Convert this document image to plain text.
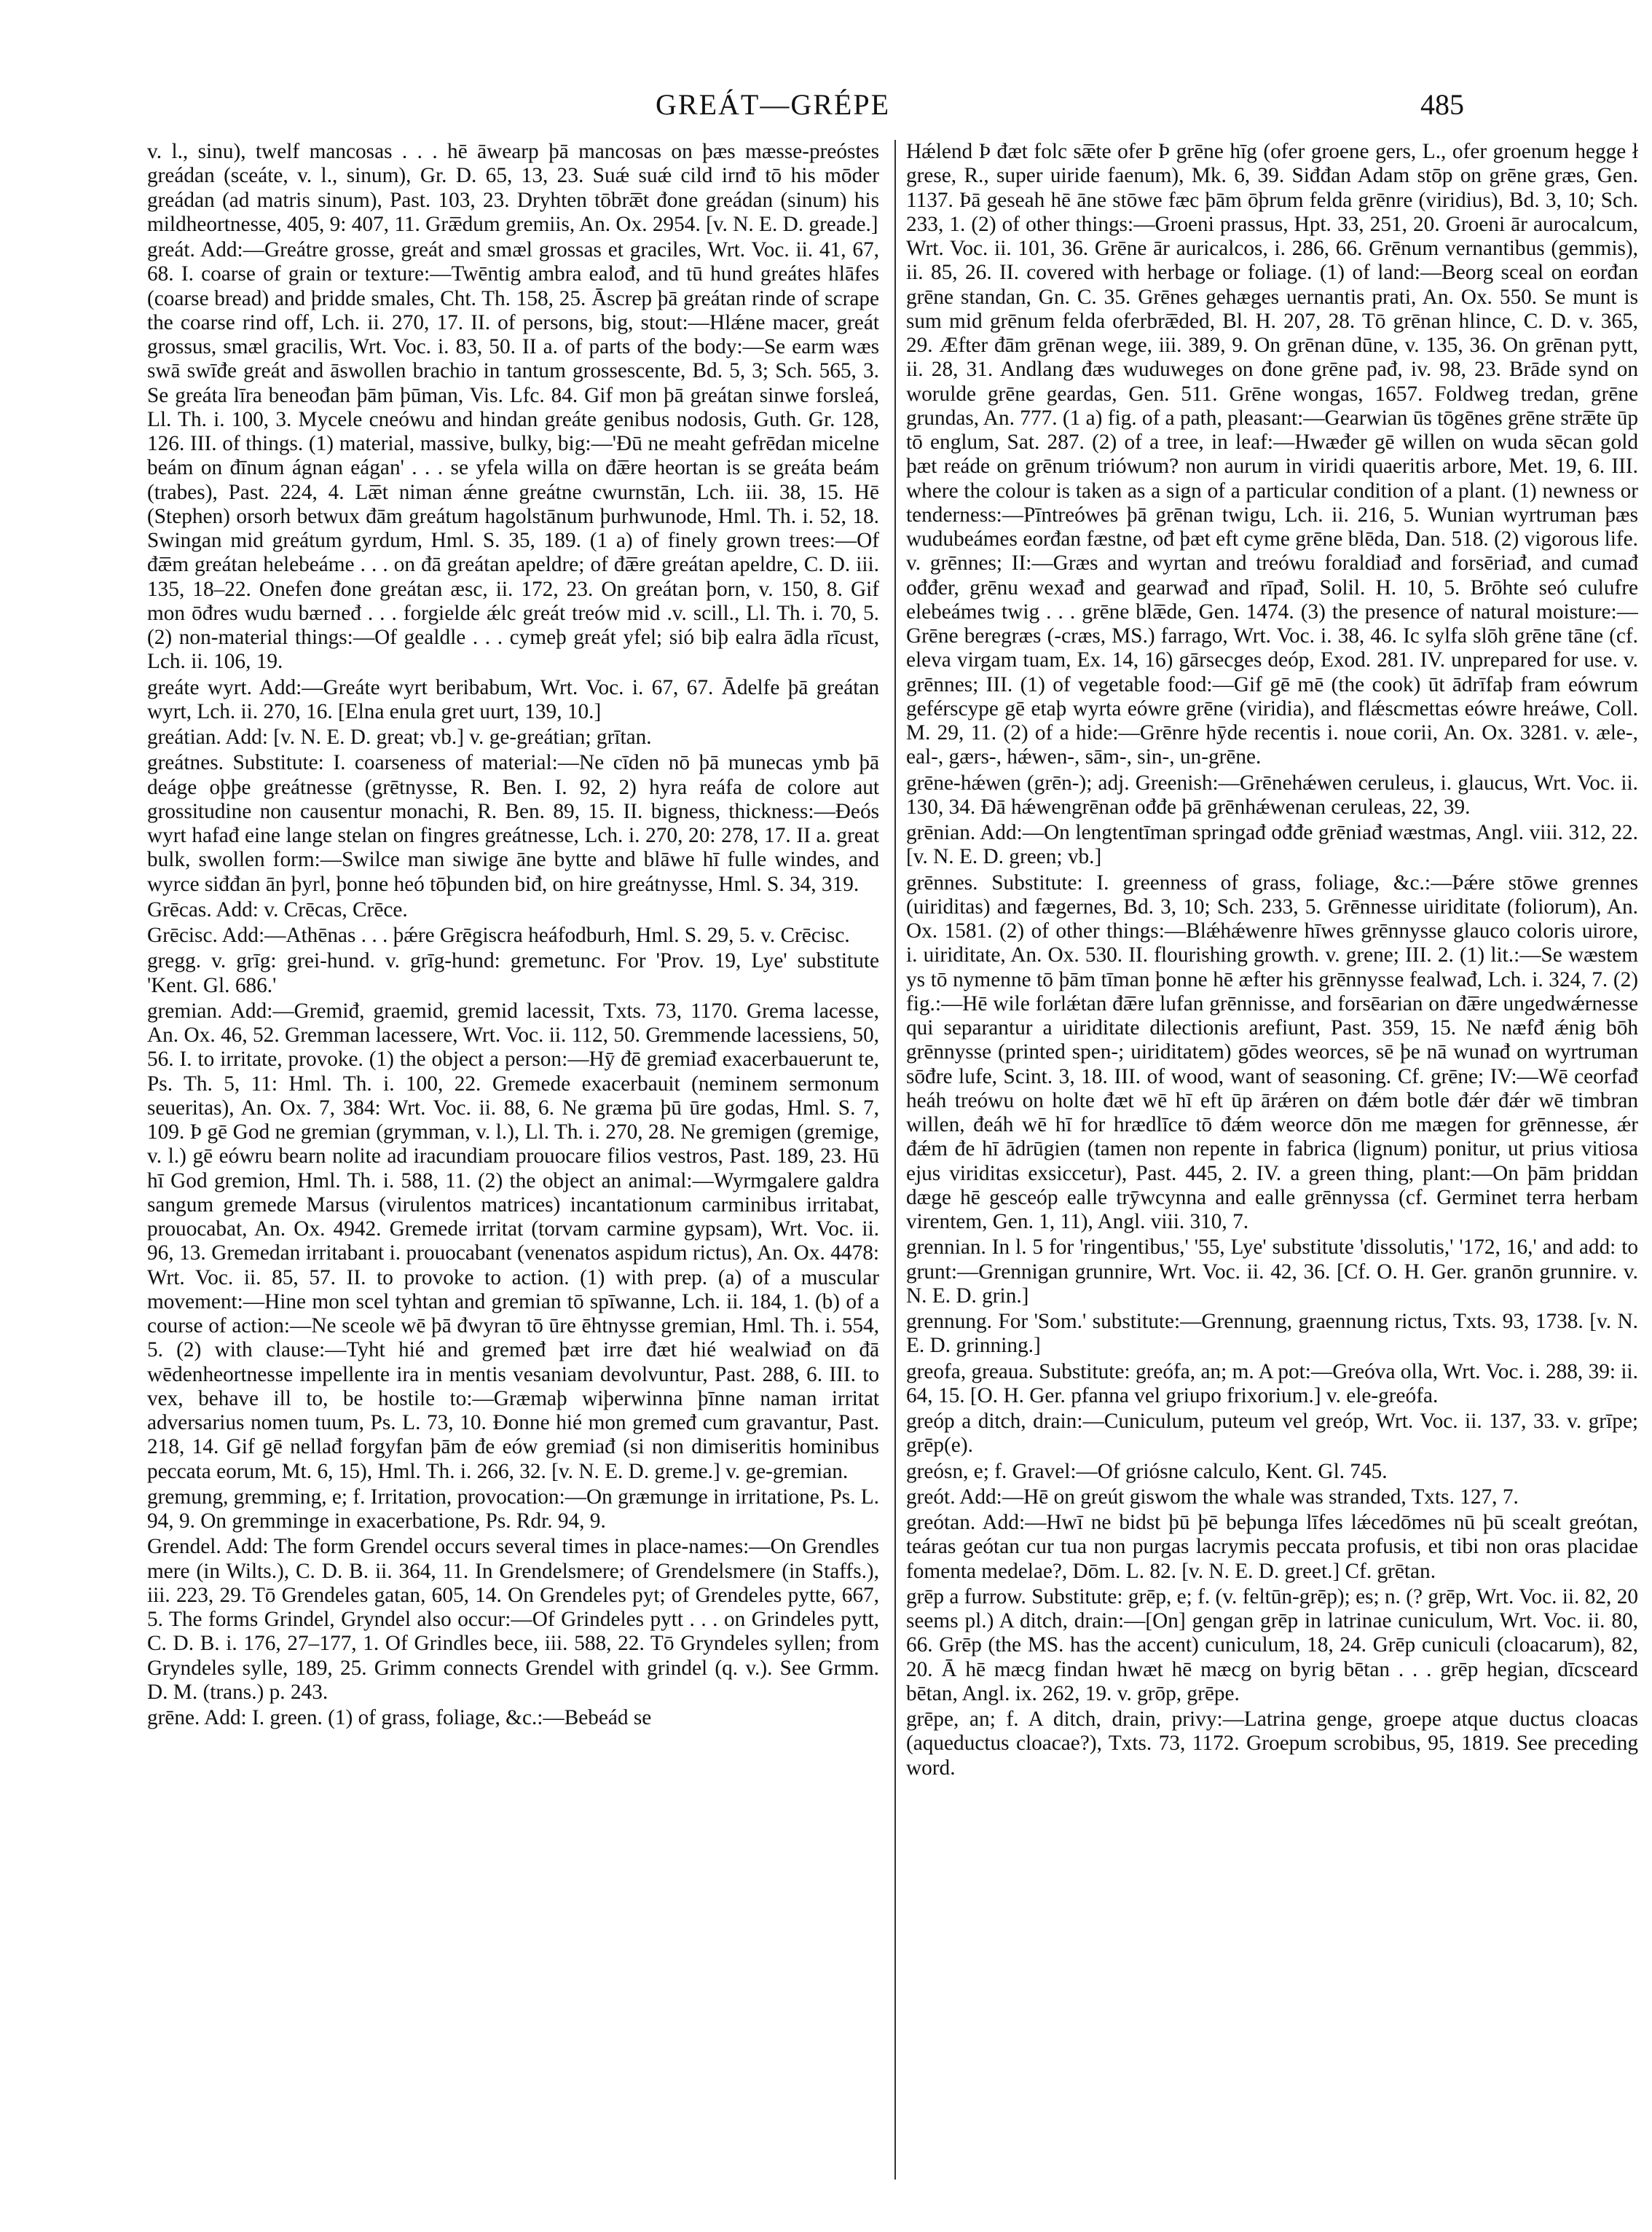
GREÁT—GRÉPE	485

v. l., sinu), twelf mancosas . . . hē āwearp þā mancosas on þæs mæsse-preóstes greádan (sceáte, v. l., sinum), Gr. D. 65, 13, 23. Suǽ suǽ cild irnđ tō his mōder greádan (ad matris sinum), Past. 103, 23. Dryhten tōbræ̅t đone greádan (sinum) his mildheortnesse, 405, 9: 407, 11. Græ̅dum gremiis, An. Ox. 2954. [v. N. E. D. greade.]

greát. Add:—Greátre grosse, greát and smæl grossas et graciles, Wrt. Voc. ii. 41, 67, 68. I. coarse of grain or texture:—Twēntig ambra ealođ, and tū hund greátes hlāfes (coarse bread) and þridde smales, Cht. Th. 158, 25. Āscrep þā greátan rinde of scrape the coarse rind off, Lch. ii. 270, 17. II. of persons, big, stout:—Hlǽne macer, greát grossus, smæl gracilis, Wrt. Voc. i. 83, 50. II a. of parts of the body:—Se earm wæs swā swīđe greát and āswollen brachio in tantum grossescente, Bd. 5, 3; Sch. 565, 3. Se greáta līra beneođan þām þūman, Vis. Lfc. 84. Gif mon þā greátan sinwe forsleá, Ll. Th. i. 100, 3. Mycele cneówu and hindan greáte genibus nodosis, Guth. Gr. 128, 126. III. of things. (1) material, massive, bulky, big:—'Đū ne meaht gefrēdan micelne beám on đīnum ágnan eágan' . . . se yfela willa on đæ̅re heortan is se greáta beám (trabes), Past. 224, 4. Læ̅t niman ǽnne greátne cwurnstān, Lch. iii. 38, 15. Hē (Stephen) orsorh betwux đām greátum hagolstānum þurhwunode, Hml. Th. i. 52, 18. Swingan mid greátum gyrdum, Hml. S. 35, 189. (1 a) of finely grown trees:—Of đæ̅m greátan helebeáme . . . on đā greátan apeldre; of đæ̅re greátan apeldre, C. D. iii. 135, 18–22. Onefen đone greátan æsc, ii. 172, 23. On greátan þorn, v. 150, 8. Gif mon ōđres wudu bærneđ . . . forgielde ǽlc greát treów mid .v. scill., Ll. Th. i. 70, 5. (2) non-material things:—Of gealdle . . . cymeþ greát yfel; sió biþ ealra ādla rīcust, Lch. ii. 106, 19.

greáte wyrt. Add:—Greáte wyrt beribabum, Wrt. Voc. i. 67, 67. Ādelfe þā greátan wyrt, Lch. ii. 270, 16. [Elna enula gret uurt, 139, 10.]

greátian. Add: [v. N. E. D. great; vb.] v. ge-greátian; grītan.

greátnes. Substitute: I. coarseness of material:—Ne cīden nō þā munecas ymb þā deáge oþþe greátnesse (grētnysse, R. Ben. I. 92, 2) hyra reáfa de colore aut grossitudine non causentur monachi, R. Ben. 89, 15. II. bigness, thickness:—Đeós wyrt hafađ eine lange stelan on fingres greátnesse, Lch. i. 270, 20: 278, 17. II a. great bulk, swollen form:—Swilce man siwige āne bytte and blāwe hī fulle windes, and wyrce siđđan ān þyrl, þonne heó tōþunden biđ, on hire greátnysse, Hml. S. 34, 319.

Grēcas. Add: v. Crēcas, Crēce.

Grēcisc. Add:—Athēnas . . . þǽre Grēgiscra heáfodburh, Hml. S. 29, 5. v. Crēcisc.

gregg. v. grīg: grei-hund. v. grīg-hund: gremetunc. For 'Prov. 19, Lye' substitute 'Kent. Gl. 686.'

gremian. Add:—Gremiđ, graemid, gremid lacessit, Txts. 73, 1170. Grema lacesse, An. Ox. 46, 52. Gremman lacessere, Wrt. Voc. ii. 112, 50. Gremmende lacessiens, 50, 56. I. to irritate, provoke. (1) the object a person:—Hȳ đē gremiađ exacerbauerunt te, Ps. Th. 5, 11: Hml. Th. i. 100, 22. Gremede exacerbauit (neminem sermonum seueritas), An. Ox. 7, 384: Wrt. Voc. ii. 88, 6. Ne græma þū ūre godas, Hml. S. 7, 109. Þ gē God ne gremian (grymman, v. l.), Ll. Th. i. 270, 28. Ne gremigen (gremige, v. l.) gē eówru bearn nolite ad iracundiam prouocare filios vestros, Past. 189, 23. Hū hī God gremion, Hml. Th. i. 588, 11. (2) the object an animal:—Wyrmgalere galdra sangum gremede Marsus (virulentos matrices) incantationum carminibus irritabat, prouocabat, An. Ox. 4942. Gremede irritat (torvam carmine gypsam), Wrt. Voc. ii. 96, 13. Gremedan irritabant i. prouocabant (venenatos aspidum rictus), An. Ox. 4478: Wrt. Voc. ii. 85, 57. II. to provoke to action. (1) with prep. (a) of a muscular movement:—Hine mon scel tyhtan and gremian tō spīwanne, Lch. ii. 184, 1. (b) of a course of action:—Ne sceole wē þā đwyran tō ūre ēhtnysse gremian, Hml. Th. i. 554, 5. (2) with clause:—Tyht hié and gremeđ þæt irre đæt hié wealwiađ on đā wēdenheortnesse impellente ira in mentis vesaniam devolvuntur, Past. 288, 6. III. to vex, behave ill to, be hostile to:—Græmaþ wiþerwinna þīnne naman irritat adversarius nomen tuum, Ps. L. 73, 10. Đonne hié mon gremeđ cum gravantur, Past. 218, 14. Gif gē nellađ forgyfan þām đe eów gremiađ (si non dimiseritis hominibus peccata eorum, Mt. 6, 15), Hml. Th. i. 266, 32. [v. N. E. D. greme.] v. ge-gremian.

gremung, gremming, e; f. Irritation, provocation:—On græmunge in irritatione, Ps. L. 94, 9. On gremminge in exacerbatione, Ps. Rdr. 94, 9.

Grendel. Add: The form Grendel occurs several times in place-names:—On Grendles mere (in Wilts.), C. D. B. ii. 364, 11. In Grendelsmere; of Grendelsmere (in Staffs.), iii. 223, 29. Tō Grendeles gatan, 605, 14. On Grendeles pyt; of Grendeles pytte, 667, 5. The forms Grindel, Gryndel also occur:—Of Grindeles pytt . . . on Grindeles pytt, C. D. B. i. 176, 27–177, 1. Of Grindles bece, iii. 588, 22. Tō Gryndeles syllen; from Gryndeles sylle, 189, 25. Grimm connects Grendel with grindel (q. v.). See Grmm. D. M. (trans.) p. 243.

grēne. Add: I. green. (1) of grass, foliage, &c.:—Bebeád se

Hǽlend Þ đæt folc sæ̅te ofer Þ grēne hīg (ofer groene gers, L., ofer groenum hegge ł grese, R., super uiride faenum), Mk. 6, 39. Siđđan Adam stōp on grēne græs, Gen. 1137. Þā geseah hē āne stōwe fæc þām ōþrum felda grēnre (viridius), Bd. 3, 10; Sch. 233, 1. (2) of other things:—Groeni prassus, Hpt. 33, 251, 20. Groeni ār aurocalcum, Wrt. Voc. ii. 101, 36. Grēne ār auricalcos, i. 286, 66. Grēnum vernantibus (gemmis), ii. 85, 26. II. covered with herbage or foliage. (1) of land:—Beorg sceal on eorđan grēne standan, Gn. C. 35. Grēnes gehæges uernantis prati, An. Ox. 550. Se munt is sum mid grēnum felda oferbræ̅ded, Bl. H. 207, 28. Tō grēnan hlince, C. D. v. 365, 29. Æfter đām grēnan wege, iii. 389, 9. On grēnan dūne, v. 135, 36. On grēnan pytt, ii. 28, 31. Andlang đæs wuduweges on đone grēne pađ, iv. 98, 23. Brāde synd on worulde grēne geardas, Gen. 511. Grēne wongas, 1657. Foldweg tredan, grēne grundas, An. 777. (1 a) fig. of a path, pleasant:—Gearwian ūs tōgēnes grēne stræ̅te ūp tō englum, Sat. 287. (2) of a tree, in leaf:—Hwæđer gē willen on wuda sēcan gold þæt reáde on grēnum triówum? non aurum in viridi quaeritis arbore, Met. 19, 6. III. where the colour is taken as a sign of a particular condition of a plant. (1) newness or tenderness:—Pīntreówes þā grēnan twigu, Lch. ii. 216, 5. Wunian wyrtruman þæs wudubeámes eorđan fæstne, ođ þæt eft cyme grēne blēda, Dan. 518. (2) vigorous life. v. grēnnes; II:—Græs and wyrtan and treówu foraldiađ and forsēriađ, and cumađ ođđer, grēnu wexađ and gearwađ and rīpađ, Solil. H. 10, 5. Brōhte seó culufre elebeámes twig . . . grēne blæ̅de, Gen. 1474. (3) the presence of natural moisture:—Grēne beregræs (-cræs, MS.) farrago, Wrt. Voc. i. 38, 46. Ic sylfa slōh grēne tāne (cf. eleva virgam tuam, Ex. 14, 16) gārsecges deóp, Exod. 281. IV. unprepared for use. v. grēnnes; III. (1) of vegetable food:—Gif gē mē (the cook) ūt ādrīfaþ fram eówrum geférscype gē etaþ wyrta eówre grēne (viridia), and flǽscmettas eówre hreáwe, Coll. M. 29, 11. (2) of a hide:—Grēnre hȳde recentis i. noue corii, An. Ox. 3281. v. æle-, eal-, gærs-, hǽwen-, sām-, sin-, un-grēne.

grēne-hǽwen (grēn-); adj. Greenish:—Grēnehǽwen ceruleus, i. glaucus, Wrt. Voc. ii. 130, 34. Đā hǽwengrēnan ođđe þā grēnhǽwenan ceruleas, 22, 39.

grēnian. Add:—On lengtentīman springađ ođđe grēniađ wæstmas, Angl. viii. 312, 22. [v. N. E. D. green; vb.]

grēnnes. Substitute: I. greenness of grass, foliage, &c.:—Þǽre stōwe grennes (uiriditas) and fægernes, Bd. 3, 10; Sch. 233, 5. Grēnnesse uiriditate (foliorum), An. Ox. 1581. (2) of other things:—Blǽhǽwenre hīwes grēnnysse glauco coloris uirore, i. uiriditate, An. Ox. 530. II. flourishing growth. v. grene; III. 2. (1) lit.:—Se wæstem ys tō nymenne tō þām tīman þonne hē æfter his grēnnysse fealwađ, Lch. i. 324, 7. (2) fig.:—Hē wile forlǽtan đæ̅re lufan grēnnisse, and forsēarian on đæ̅re ungedwǽrnesse qui separantur a uiriditate dilectionis arefiunt, Past. 359, 15. Ne næfđ ǽnig bōh grēnnysse (printed spen-; uiriditatem) gōdes weorces, sē þe nā wunađ on wyrtruman sōđre lufe, Scint. 3, 18. III. of wood, want of seasoning. Cf. grēne; IV:—Wē ceorfađ heáh treówu on holte đæt wē hī eft ūp ārǽren on đǽm botle đǽr đǽr wē timbran willen, đeáh wē hī for hrædlīce tō đǽm weorce dōn me mægen for grēnnesse, ǽr đǽm đe hī ādrūgien (tamen non repente in fabrica (lignum) ponitur, ut prius vitiosa ejus viriditas exsiccetur), Past. 445, 2. IV. a green thing, plant:—On þām þriddan dæge hē gesceóp ealle trȳwcynna and ealle grēnnyssa (cf. Germinet terra herbam virentem, Gen. 1, 11), Angl. viii. 310, 7.

grennian. In l. 5 for 'ringentibus,' '55, Lye' substitute 'dissolutis,' '172, 16,' and add: to grunt:—Grennigan grunnire, Wrt. Voc. ii. 42, 36. [Cf. O. H. Ger. granōn grunnire. v. N. E. D. grin.]

grennung. For 'Som.' substitute:—Grennung, graennung rictus, Txts. 93, 1738. [v. N. E. D. grinning.]

greofa, greaua. Substitute: greófa, an; m. A pot:—Greóva olla, Wrt. Voc. i. 288, 39: ii. 64, 15. [O. H. Ger. pfanna vel griupo frixorium.] v. ele-greófa.

greóp a ditch, drain:—Cuniculum, puteum vel greóp, Wrt. Voc. ii. 137, 33. v. grīpe; grēp(e).

greósn, e; f. Gravel:—Of griósne calculo, Kent. Gl. 745.

greót. Add:—Hē on greút giswom the whale was stranded, Txts. 127, 7.

greótan. Add:—Hwī ne bidst þū þē beþunga līfes lǽcedōmes nū þū scealt greótan, teáras geótan cur tua non purgas lacrymis peccata profusis, et tibi non oras placidae fomenta medelae?, Dōm. L. 82. [v. N. E. D. greet.] Cf. grētan.

grēp a furrow. Substitute: grēp, e; f. (v. feltūn-grēp); es; n. (? grēp, Wrt. Voc. ii. 82, 20 seems pl.) A ditch, drain:—[On] gengan grēp in latrinae cuniculum, Wrt. Voc. ii. 80, 66. Grēp (the MS. has the accent) cuniculum, 18, 24. Grēp cuniculi (cloacarum), 82, 20. Ā hē mæcg findan hwæt hē mæcg on byrig bētan . . . grēp hegian, dīcsceard bētan, Angl. ix. 262, 19. v. grōp, grēpe.

grēpe, an; f. A ditch, drain, privy:—Latrina genge, groepe atque ductus cloacas (aqueductus cloacae?), Txts. 73, 1172. Groepum scrobibus, 95, 1819. See preceding word.
